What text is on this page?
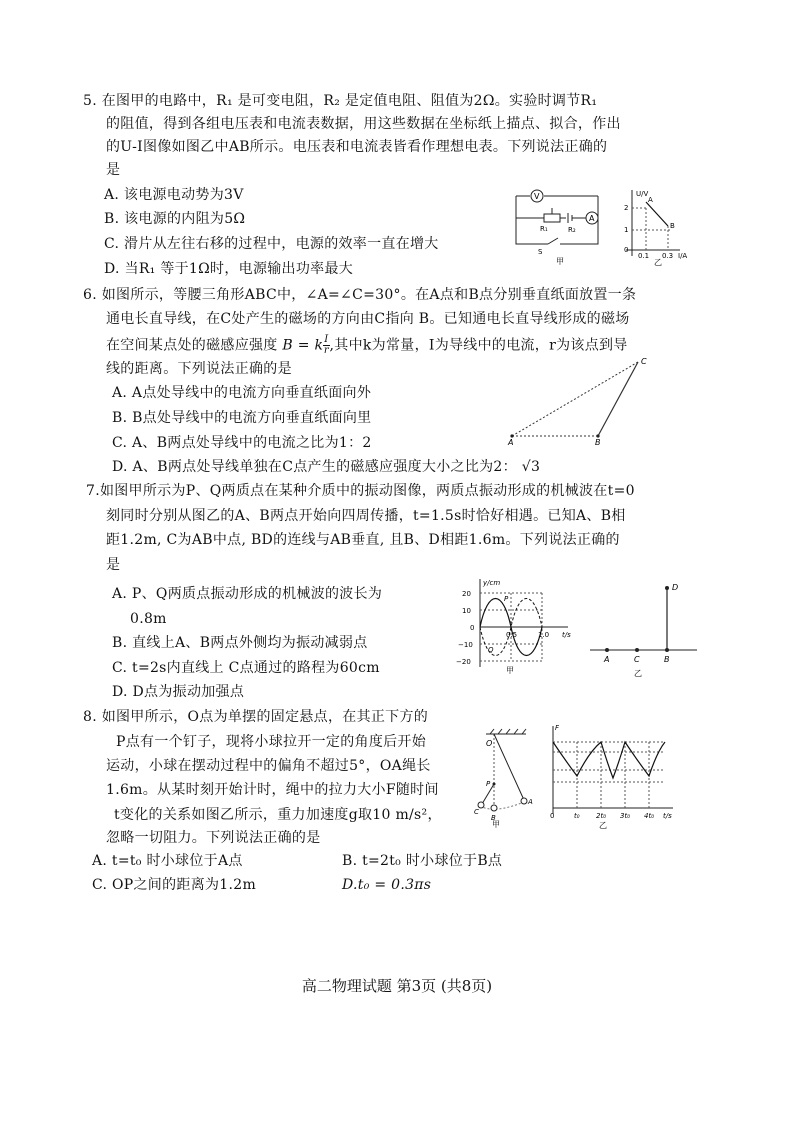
5. 在图甲的电路中，R₁ 是可变电阻，R₂ 是定值电阻、阻值为2Ω。实验时调节R₁
的阻值，得到各组电压表和电流表数据，用这些数据在坐标纸上描点、拟合，作出
的U-I图像如图乙中AB所示。电压表和电流表皆看作理想电表。下列说法正确的
是
A. 该电源电动势为3V
B. 该电源的内阻为5Ω
C. 滑片从左往右移的过程中，电源的效率一直在增大
D. 当R₁ 等于1Ω时，电源输出功率最大
V
A
R₁	R₂
S
甲
U/V
I/A
2
1
0
0.1 0.3
A
B
乙
6. 如图所示，等腰三角形ABC中，∠A=∠C=30°。在A点和B点分别垂直纸面放置一条
通电长直导线，在C处产生的磁场的方向由C指向 B。已知通电长直导线形成的磁场
在空间某点处的磁感应强度 B = k $\frac{I}{r}$ ,其中k为常量，I为导线中的电流，r为该点到导
线的距离。下列说法正确的是
A. A点处导线中的电流方向垂直纸面向外
B. B点处导线中的电流方向垂直纸面向里
C. A、B两点处导线中的电流之比为1：2
D. A、B两点处导线单独在C点产生的磁感应强度大小之比为2： √3
A	B
C
7.如图甲所示为P、Q两质点在某种介质中的振动图像，两质点振动形成的机械波在t=0
刻同时分别从图乙的A、B两点开始向四周传播，t=1.5s时恰好相遇。已知A、B相
距1.2m, C为AB中点, BD的连线与AB垂直, 且B、D相距1.6m。下列说法正确的
是
A. P、Q两质点振动形成的机械波的波长为
0.8m
B. 直线上A、B两点外侧均为振动减弱点
C. t=2s内直线上 C点通过的路程为60cm
D. D点为振动加强点
y/cm
t/s
20
10
0
−10
−20
0.5	1.0
P
Q
甲
A	C	B
D
乙
8. 如图甲所示，O点为单摆的固定悬点，在其正下方的
P点有一个钉子，现将小球拉开一定的角度后开始
运动，小球在摆动过程中的偏角不超过5°，OA绳长
1.6m。从某时刻开始计时，绳中的拉力大小F随时间
t变化的关系如图乙所示，重力加速度g取10 m/s²，
忽略一切阻力。下列说法正确的是
A. t=t₀ 时小球位于A点	B. t=2t₀ 时小球位于B点
C. OP之间的距离为1.2m	D.t₀ = 0.3πs
O
P
A
B
C
甲
F
t/s
0	t₀ 2t₀ 3t₀ 4t₀
乙
高二物理试题 第3页 (共8页)
